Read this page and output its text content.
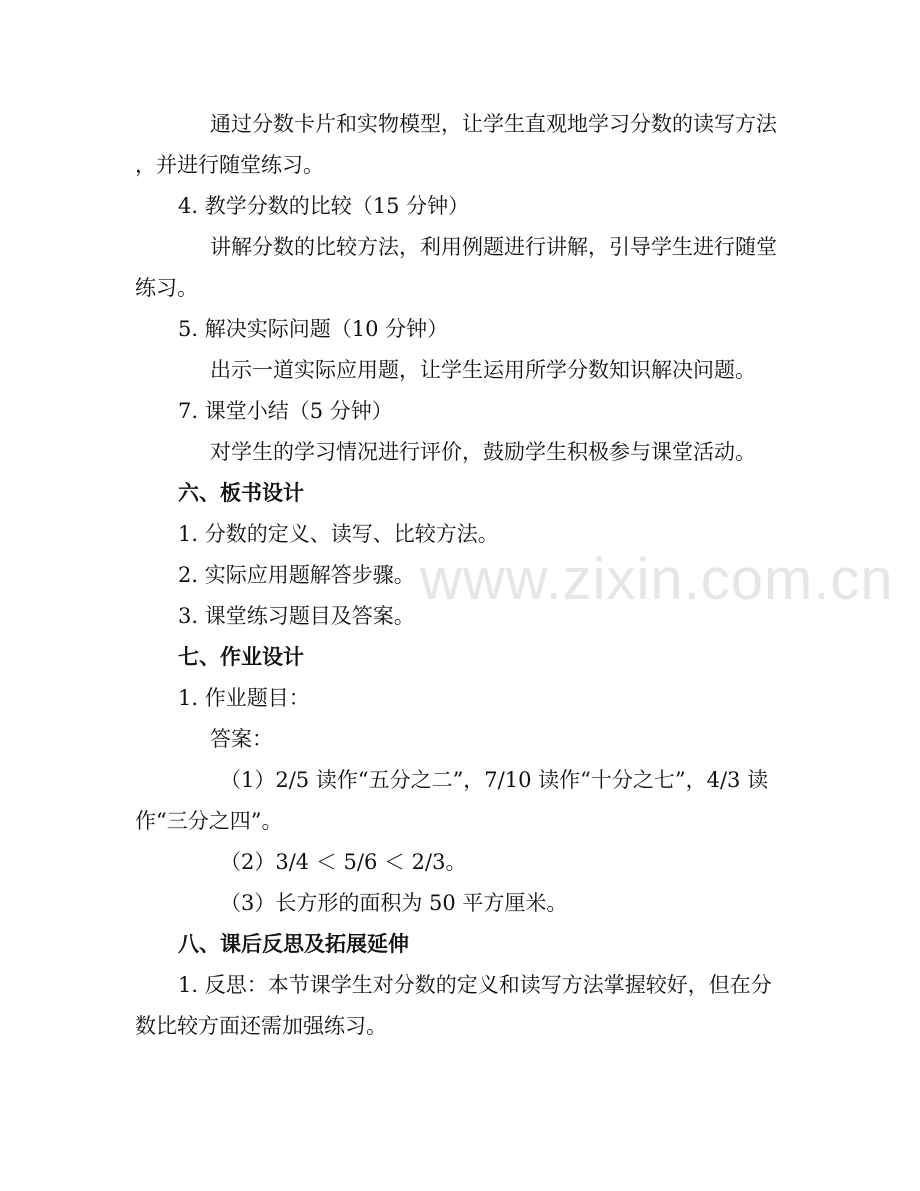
www.zixin.com.cn
通过分数卡片和实物模型，让学生直观地学习分数的读写方法
，并进行随堂练习。
4. 教学分数的比较（15 分钟）
讲解分数的比较方法，利用例题进行讲解，引导学生进行随堂
练习。
5. 解决实际问题（10 分钟）
出示一道实际应用题，让学生运用所学分数知识解决问题。
7. 课堂小结（5 分钟）
对学生的学习情况进行评价，鼓励学生积极参与课堂活动。
六、板书设计
1. 分数的定义、读写、比较方法。
2. 实际应用题解答步骤。
3. 课堂练习题目及答案。
七、作业设计
1. 作业题目：
答案：
（1）2/5 读作“五分之二”，7/10 读作“十分之七”，4/3 读
作“三分之四”。
（2）3/4 ＜ 5/6 ＜ 2/3。
（3）长方形的面积为 50 平方厘米。
八、课后反思及拓展延伸
1. 反思：本节课学生对分数的定义和读写方法掌握较好，但在分
数比较方面还需加强练习。
